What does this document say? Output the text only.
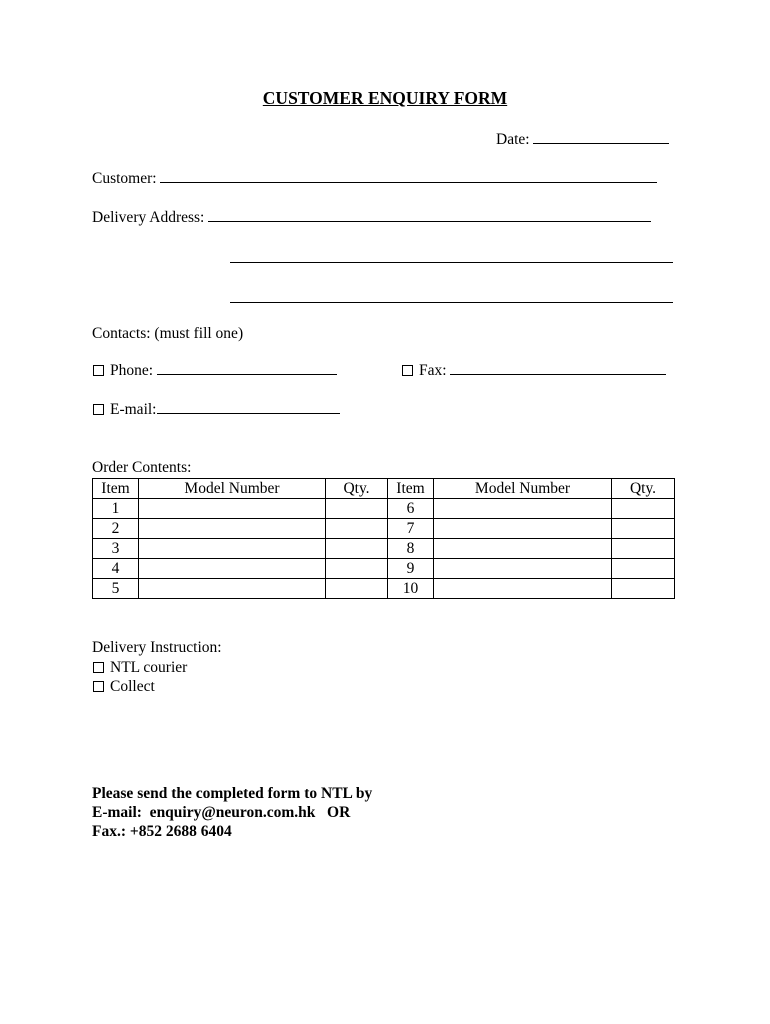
CUSTOMER ENQUIRY FORM
Date:
Customer:
Delivery Address:
Contacts: (must fill one)
Phone:	Fax:
E-mail:
Order Contents:
Item	Model Number	Qty.	Item	Model Number	Qty.
1			6		
2			7		
3			8		
4			9		
5			10		
Delivery Instruction:
NTL courier
Collect
Please send the completed form to NTL by
E-mail:  enquiry@neuron.com.hk   OR
Fax.: +852 2688 6404
